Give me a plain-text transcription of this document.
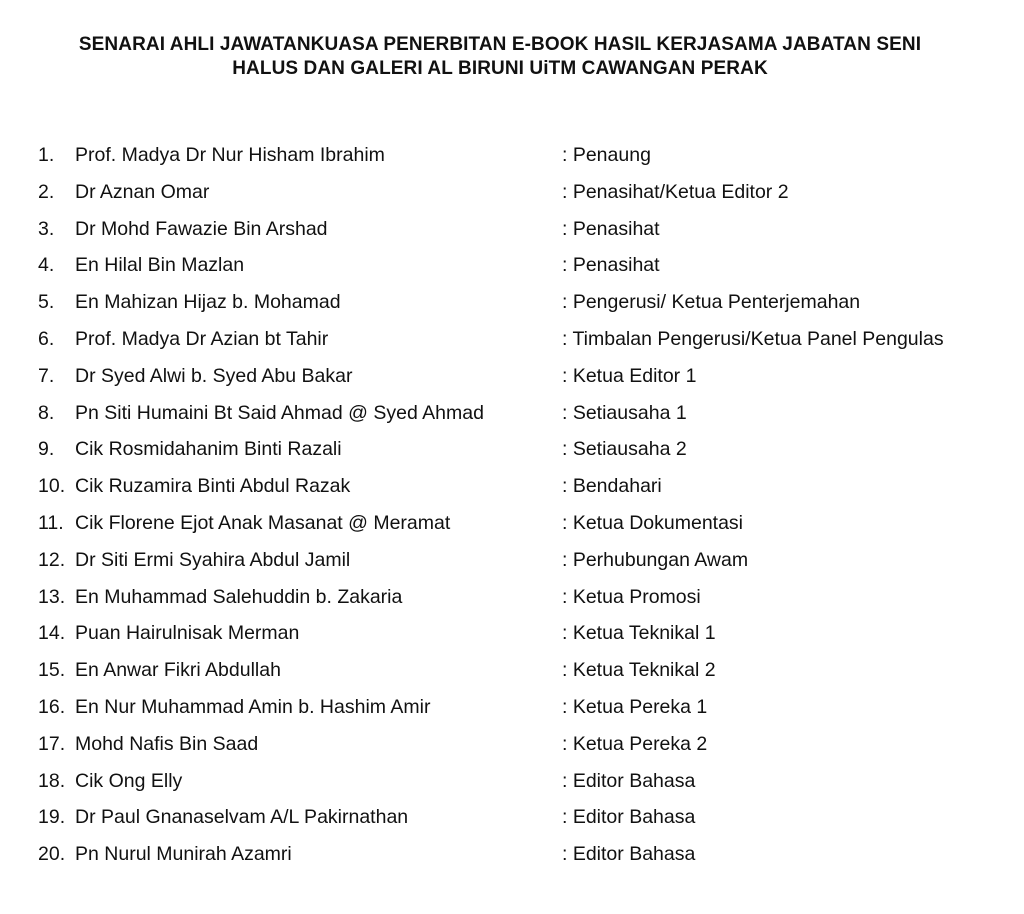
SENARAI AHLI JAWATANKUASA PENERBITAN E-BOOK HASIL KERJASAMA JABATAN SENI
HALUS DAN GALERI AL BIRUNI UiTM CAWANGAN PERAK
1. Prof. Madya Dr Nur Hisham Ibrahim	: Penaung
2. Dr Aznan Omar	: Penasihat/Ketua Editor 2
3. Dr Mohd Fawazie Bin Arshad	: Penasihat
4. En Hilal Bin Mazlan	: Penasihat
5. En Mahizan Hijaz b. Mohamad	: Pengerusi/ Ketua Penterjemahan
6. Prof. Madya Dr Azian bt Tahir	: Timbalan Pengerusi/Ketua Panel Pengulas
7. Dr Syed Alwi b. Syed Abu Bakar	: Ketua Editor 1
8. Pn Siti Humaini Bt Said Ahmad @ Syed Ahmad	: Setiausaha 1
9. Cik Rosmidahanim Binti Razali	: Setiausaha 2
10. Cik Ruzamira Binti Abdul Razak	: Bendahari
11. Cik Florene Ejot Anak Masanat @ Meramat	: Ketua Dokumentasi
12. Dr Siti Ermi Syahira Abdul Jamil	: Perhubungan Awam
13. En Muhammad Salehuddin b. Zakaria	: Ketua Promosi
14. Puan Hairulnisak Merman	: Ketua Teknikal 1
15. En Anwar Fikri Abdullah	: Ketua Teknikal 2
16. En Nur Muhammad Amin b. Hashim Amir	: Ketua Pereka 1
17. Mohd Nafis Bin Saad	: Ketua Pereka 2
18. Cik Ong Elly	: Editor Bahasa
19. Dr Paul Gnanaselvam A/L Pakirnathan	: Editor Bahasa
20. Pn Nurul Munirah Azamri	: Editor Bahasa
